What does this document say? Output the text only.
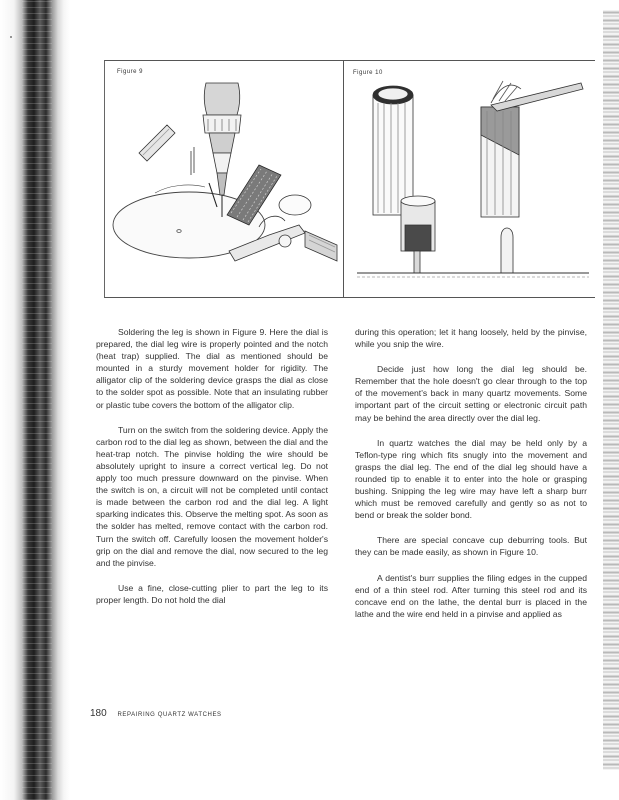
Figure 9	Figure 10

Soldering the leg is shown in Figure 9. Here the dial is prepared, the dial leg wire is properly pointed and the notch (heat trap) supplied. The dial as mentioned should be mounted in a sturdy movement holder for rigidity. The alligator clip of the soldering device grasps the dial as close to the solder spot as possible. Note that an insulating rubber or plastic tube covers the bottom of the alligator clip.

Turn on the switch from the soldering device. Apply the carbon rod to the dial leg as shown, between the dial and the heat-trap notch. The pinvise holding the wire should be absolutely upright to insure a correct vertical leg. Do not apply too much pressure downward on the pinvise. When the switch is on, a circuit will not be completed until contact is made between the carbon rod and the dial leg. A light sparking indicates this. Observe the melting spot. As soon as the solder has melted, remove contact with the carbon rod. Turn the switch off. Carefully loosen the movement holder's grip on the dial and remove the dial, now secured to the leg and the pinvise.

Use a fine, close-cutting plier to part the leg to its proper length. Do not hold the dial

during this operation; let it hang loosely, held by the pinvise, while you snip the wire.

Decide just how long the dial leg should be. Remember that the hole doesn't go clear through to the top of the movement's back in many quartz movements. Some important part of the circuit setting or electronic circuit path may be behind the area directly over the dial leg.

In quartz watches the dial may be held only by a Teflon-type ring which fits snugly into the movement and grasps the dial leg. The end of the dial leg should have a rounded tip to enable it to enter into the hole or grasping bushing. Snipping the leg wire may have left a sharp burr which must be removed carefully and gently so as not to bend or break the solder bond.

There are special concave cup deburring tools. But they can be made easily, as shown in Figure 10.

A dentist's burr supplies the filing edges in the cupped end of a thin steel rod. After turning this steel rod and its concave end on the lathe, the dental burr is placed in the lathe and the wire end held in a pinvise and applied as

180 REPAIRING QUARTZ WATCHES
